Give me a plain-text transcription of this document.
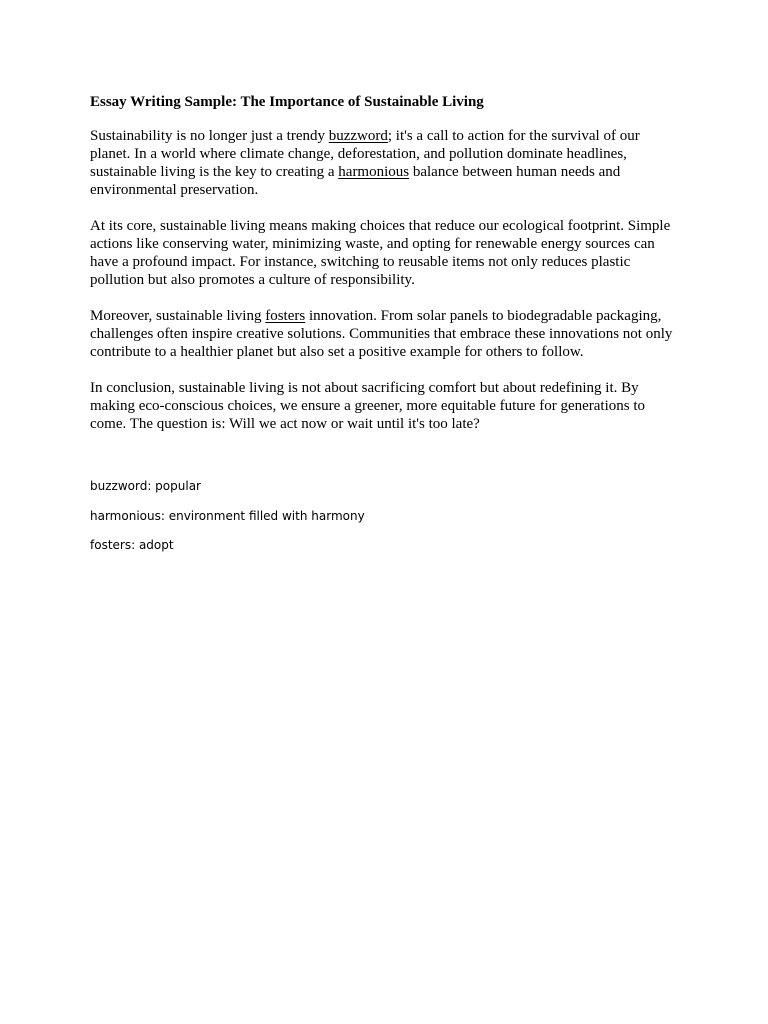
Essay Writing Sample: The Importance of Sustainable Living

Sustainability is no longer just a trendy buzzword; it's a call to action for the survival of our planet. In a world where climate change, deforestation, and pollution dominate headlines, sustainable living is the key to creating a harmonious balance between human needs and environmental preservation.

At its core, sustainable living means making choices that reduce our ecological footprint. Simple actions like conserving water, minimizing waste, and opting for renewable energy sources can have a profound impact. For instance, switching to reusable items not only reduces plastic pollution but also promotes a culture of responsibility.

Moreover, sustainable living fosters innovation. From solar panels to biodegradable packaging, challenges often inspire creative solutions. Communities that embrace these innovations not only contribute to a healthier planet but also set a positive example for others to follow.

In conclusion, sustainable living is not about sacrificing comfort but about redefining it. By making eco-conscious choices, we ensure a greener, more equitable future for generations to come. The question is: Will we act now or wait until it's too late?

buzzword: popular
harmonious: environment filled with harmony
fosters: adopt
